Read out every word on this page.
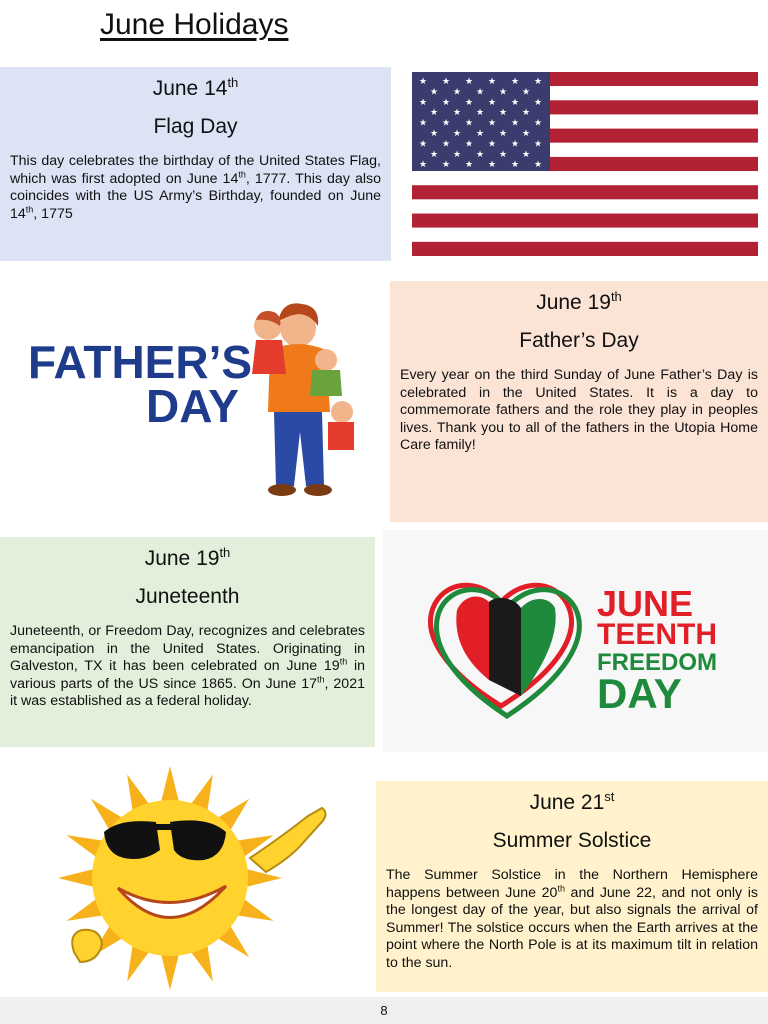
June Holidays
June 14th
Flag Day
This day celebrates the birthday of the United States Flag, which was first adopted on June 14th, 1777. This day also coincides with the US Army’s Birthday, founded on June 14th, 1775
★ ★ ★ ★ ★ ★
★ ★ ★ ★ ★
★ ★ ★ ★ ★ ★
★ ★ ★ ★ ★
★ ★ ★ ★ ★ ★
★ ★ ★ ★ ★
★ ★ ★ ★ ★ ★
★ ★ ★ ★ ★
★ ★ ★ ★ ★ ★
FATHER’S
DAY
June 19th
Father’s Day
Every year on the third Sunday of June Father’s Day is celebrated in the United States. It is a day to commemorate fathers and the role they play in peoples lives. Thank you to all of the fathers in the Utopia Home Care family!
June 19th
Juneteenth
Juneteenth, or Freedom Day, recognizes and celebrates emancipation in the United States. Originating in Galveston, TX it has been celebrated on June 19th in various parts of the US since 1865. On June 17th, 2021 it was established as a federal holiday.
JUNE
TEENTH
FREEDOM
DAY
June 21st
Summer Solstice
The Summer Solstice in the Northern Hemisphere happens between June 20th and June 22, and not only is the longest day of the year, but also signals the arrival of Summer! The solstice occurs when the Earth arrives at the point where the North Pole is at its maximum tilt in relation to the sun.
8
